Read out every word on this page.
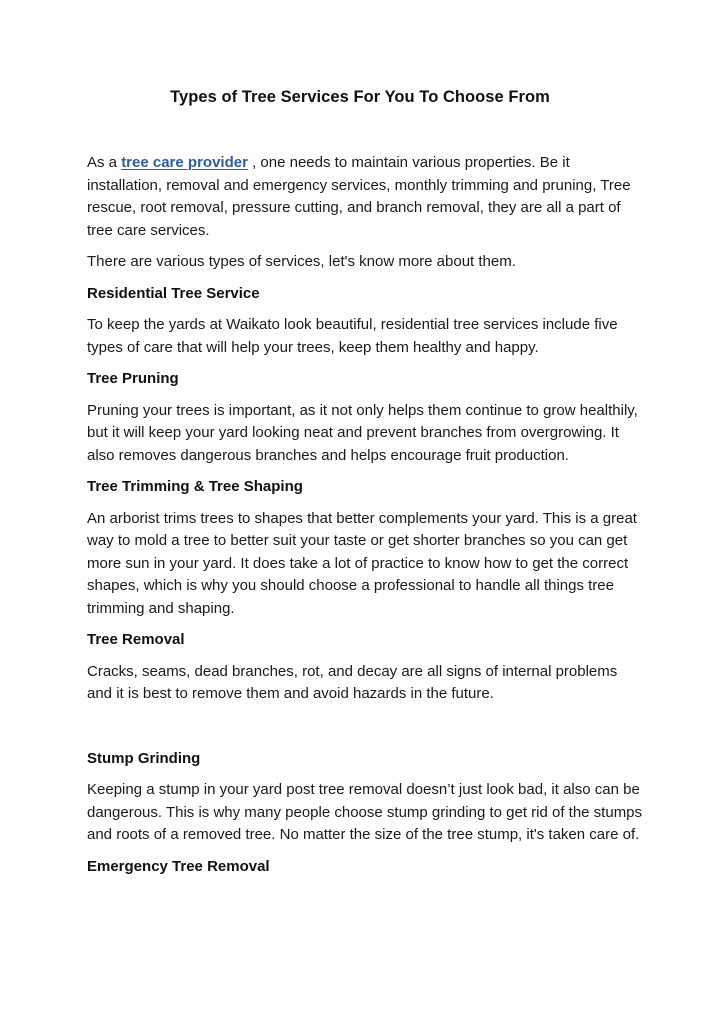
Types of Tree Services For You To Choose From

As a tree care provider , one needs to maintain various properties. Be it installation, removal and emergency services, monthly trimming and pruning, Tree rescue, root removal, pressure cutting, and branch removal, they are all a part of tree care services.

There are various types of services, let's know more about them.

Residential Tree Service

To keep the yards at Waikato look beautiful, residential tree services include five types of care that will help your trees, keep them healthy and happy.

Tree Pruning

Pruning your trees is important, as it not only helps them continue to grow healthily, but it will keep your yard looking neat and prevent branches from overgrowing. It also removes dangerous branches and helps encourage fruit production.

Tree Trimming & Tree Shaping

An arborist trims trees to shapes that better complements your yard. This is a great way to mold a tree to better suit your taste or get shorter branches so you can get more sun in your yard. It does take a lot of practice to know how to get the correct shapes, which is why you should choose a professional to handle all things tree trimming and shaping.

Tree Removal

Cracks, seams, dead branches, rot, and decay are all signs of internal problems and it is best to remove them and avoid hazards in the future.

Stump Grinding

Keeping a stump in your yard post tree removal doesn’t just look bad, it also can be dangerous. This is why many people choose stump grinding to get rid of the stumps and roots of a removed tree. No matter the size of the tree stump, it's taken care of.

Emergency Tree Removal
